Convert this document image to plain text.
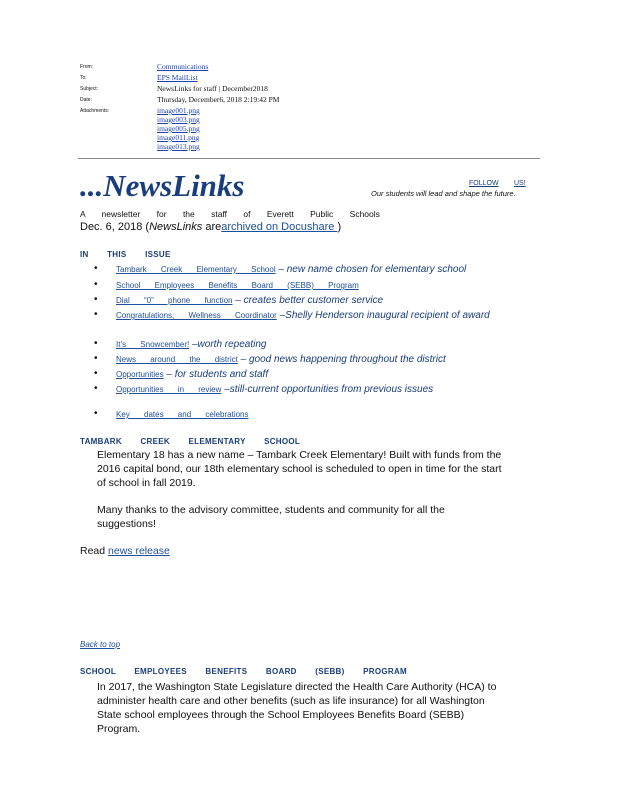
From:	Communications
To:	EPS MailList
Subject:	NewsLinks for staff | December2018
Date:	Thursday, December6, 2018 2:19:42 PM
Attachments:	image001.png
image003.png
image005.png
image011.png
image013.png
...NewsLinks	FOLLOW US!
Our students will lead and shape the future.
A newsletter for the staff of Everett Public Schools
Dec. 6, 2018 (NewsLinks arearchived on Docushare )
IN THIS ISSUE
• Tambark Creek Elementary School – new name chosen for elementary school
• School Employees Benefits Board (SEBB) Program
• Dial “0” phone function – creates better customer service
• Congratulations, Wellness Coordinator –Shelly Henderson inaugural recipient of award
• It’s Snowcember! –worth repeating
• News around the district – good news happening throughout the district
• Opportunities – for students and staff
• Opportunities in review –still-current opportunities from previous issues
• Key dates and celebrations
TAMBARK CREEK ELEMENTARY SCHOOL
Elementary 18 has a new name – Tambark Creek Elementary! Built with funds from the
2016 capital bond, our 18th elementary school is scheduled to open in time for the start
of school in fall 2019.
Many thanks to the advisory committee, students and community for all the
suggestions!
Read news release
Back to top
SCHOOL EMPLOYEES BENEFITS BOARD (SEBB) PROGRAM
In 2017, the Washington State Legislature directed the Health Care Authority (HCA) to
administer health care and other benefits (such as life insurance) for all Washington
State school employees through the School Employees Benefits Board (SEBB)
Program.
